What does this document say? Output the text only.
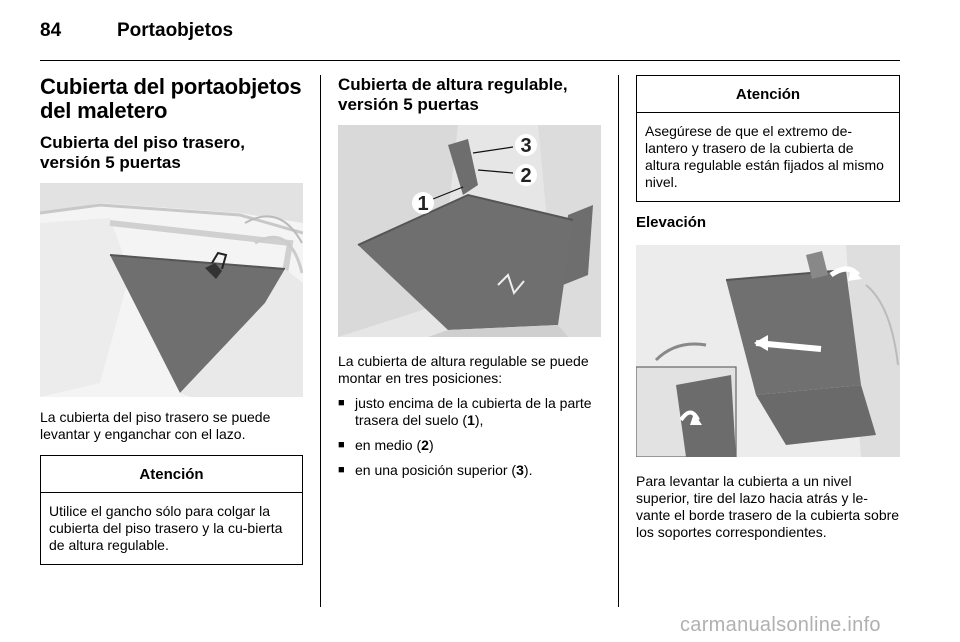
84	Portaobjetos
Cubierta del portaobjetos
del maletero
Cubierta del piso trasero,
versión 5 puertas

La cubierta del piso trasero se puede levantar y enganchar con el lazo.

Atención
Utilice el gancho sólo para colgar la cubierta del piso trasero y la cu-bierta de altura regulable.
Cubierta de altura regulable,
versión 5 puertas
1
2
3

La cubierta de altura regulable se puede montar en tres posiciones:

■ justo encima de la cubierta de la parte trasera del suelo (1),
■ en medio (2)
■ en una posición superior (3).
Atención
Asegúrese de que el extremo de-lantero y trasero de la cubierta de altura regulable están fijados al mismo nivel.
Elevación

Para levantar la cubierta a un nivel superior, tire del lazo hacia atrás y le-vante el borde trasero de la cubierta sobre los soportes correspondientes.

carmanualsonline.info
